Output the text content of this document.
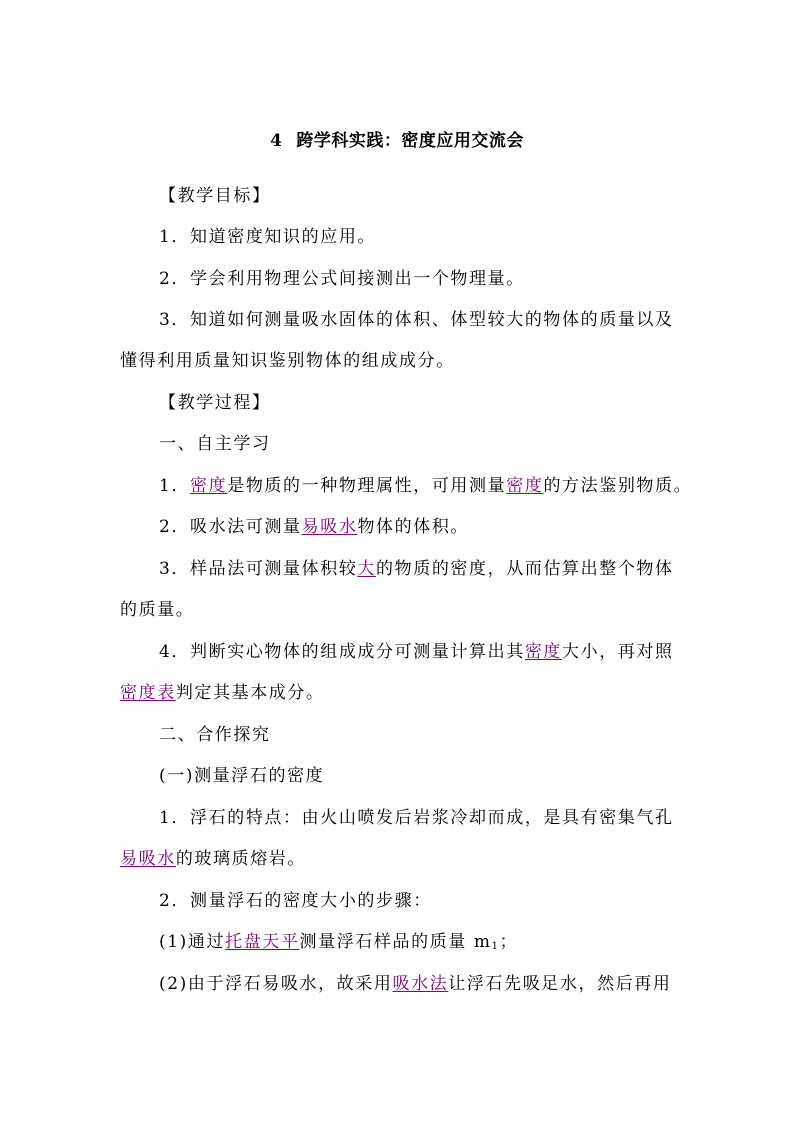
4 跨学科实践：密度应用交流会
【教学目标】
1．知道密度知识的应用。
2．学会利用物理公式间接测出一个物理量。
3．知道如何测量吸水固体的体积、体型较大的物体的质量以及
懂得利用质量知识鉴别物体的组成成分。
【教学过程】
一、自主学习
1．密度是物质的一种物理属性，可用测量密度的方法鉴别物质。
2．吸水法可测量易吸水物体的体积。
3．样品法可测量体积较大的物质的密度，从而估算出整个物体
的质量。
4．判断实心物体的组成成分可测量计算出其密度大小，再对照
密度表判定其基本成分。
二、合作探究
(一)测量浮石的密度
1．浮石的特点：由火山喷发后岩浆冷却而成，是具有密集气孔
易吸水的玻璃质熔岩。
2．测量浮石的密度大小的步骤：
(1)通过托盘天平测量浮石样品的质量 $m_1$；
(2)由于浮石易吸水，故采用吸水法让浮石先吸足水，然后再用
